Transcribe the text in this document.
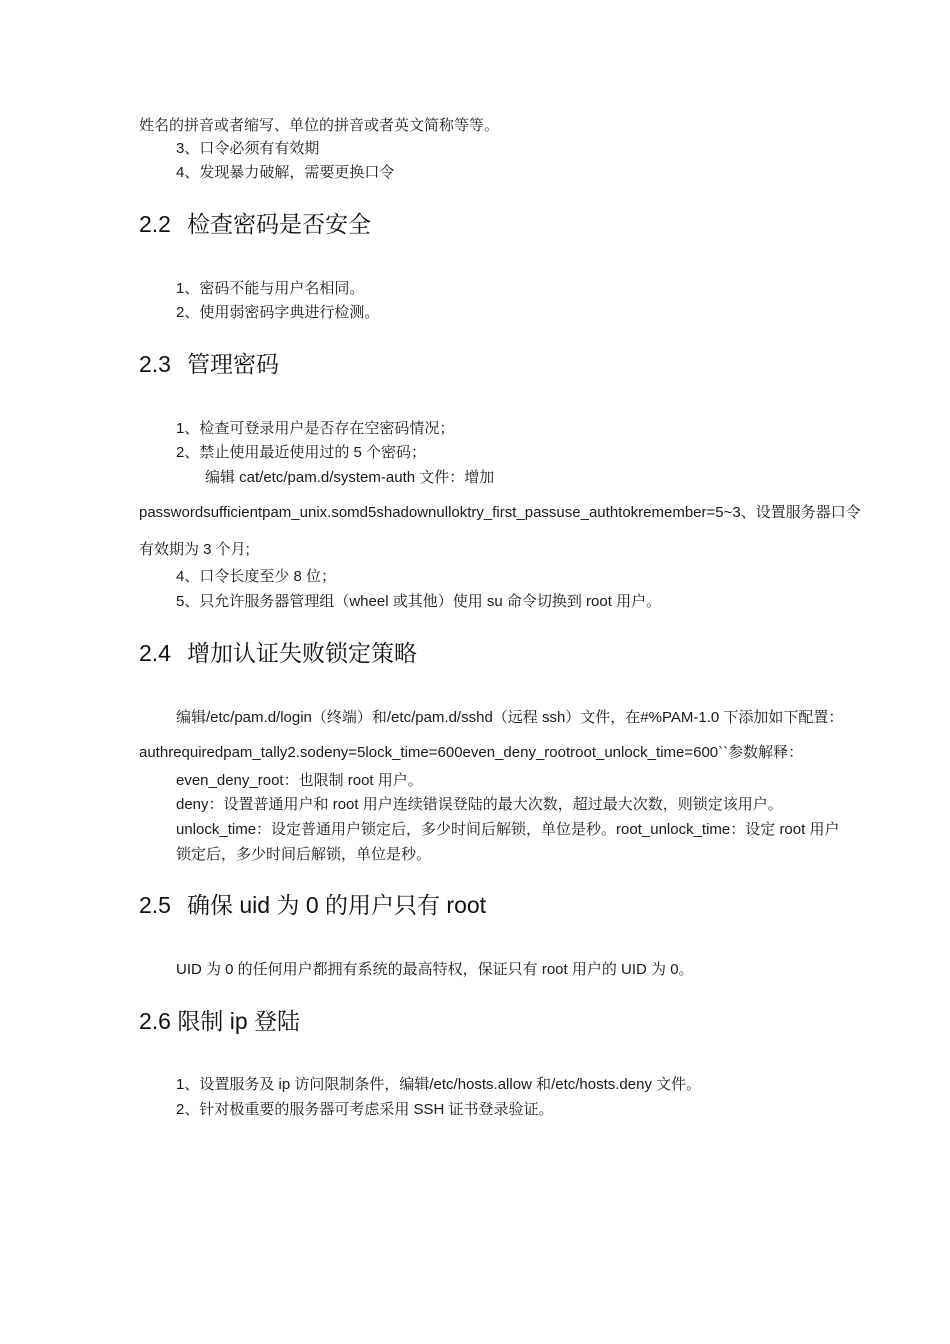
姓名的拼音或者缩写、单位的拼音或者英文简称等等。
3、口令必须有有效期
4、发现暴力破解，需要更换口令
2.2 检查密码是否安全
1、密码不能与用户名相同。
2、使用弱密码字典进行检测。
2.3 管理密码
1、检查可登录用户是否存在空密码情况；
2、禁止使用最近使用过的 5 个密码；
编辑 cat/etc/pam.d/system-auth 文件：增加
passwordsufficientpam_unix.somd5shadownulloktry_first_passuse_authtokremember=5~3、设置服务器口令
有效期为 3 个月;
4、口令长度至少 8 位；
5、只允许服务器管理组（wheel 或其他）使用 su 命令切换到 root 用户。
2.4 增加认证失败锁定策略
编辑/etc/pam.d/login（终端）和/etc/pam.d/sshd（远程 ssh）文件，在#%PAM-1.0 下添加如下配置：
authrequiredpam_tally2.sodeny=5lock_time=600even_deny_rootroot_unlock_time=600``参数解释：
even_deny_root：也限制 root 用户。
deny：设置普通用户和 root 用户连续错误登陆的最大次数，超过最大次数，则锁定该用户。
unlock_time：设定普通用户锁定后，多少时间后解锁，单位是秒。root_unlock_time：设定 root 用户
锁定后，多少时间后解锁，单位是秒。
2.5 确保 uid 为 0 的用户只有 root
UID 为 0 的任何用户都拥有系统的最高特权，保证只有 root 用户的 UID 为 0。
2.6 限制 ip 登陆
1、设置服务及 ip 访问限制条件，编辑/etc/hosts.allow 和/etc/hosts.deny 文件。
2、针对极重要的服务器可考虑采用 SSH 证书登录验证。
